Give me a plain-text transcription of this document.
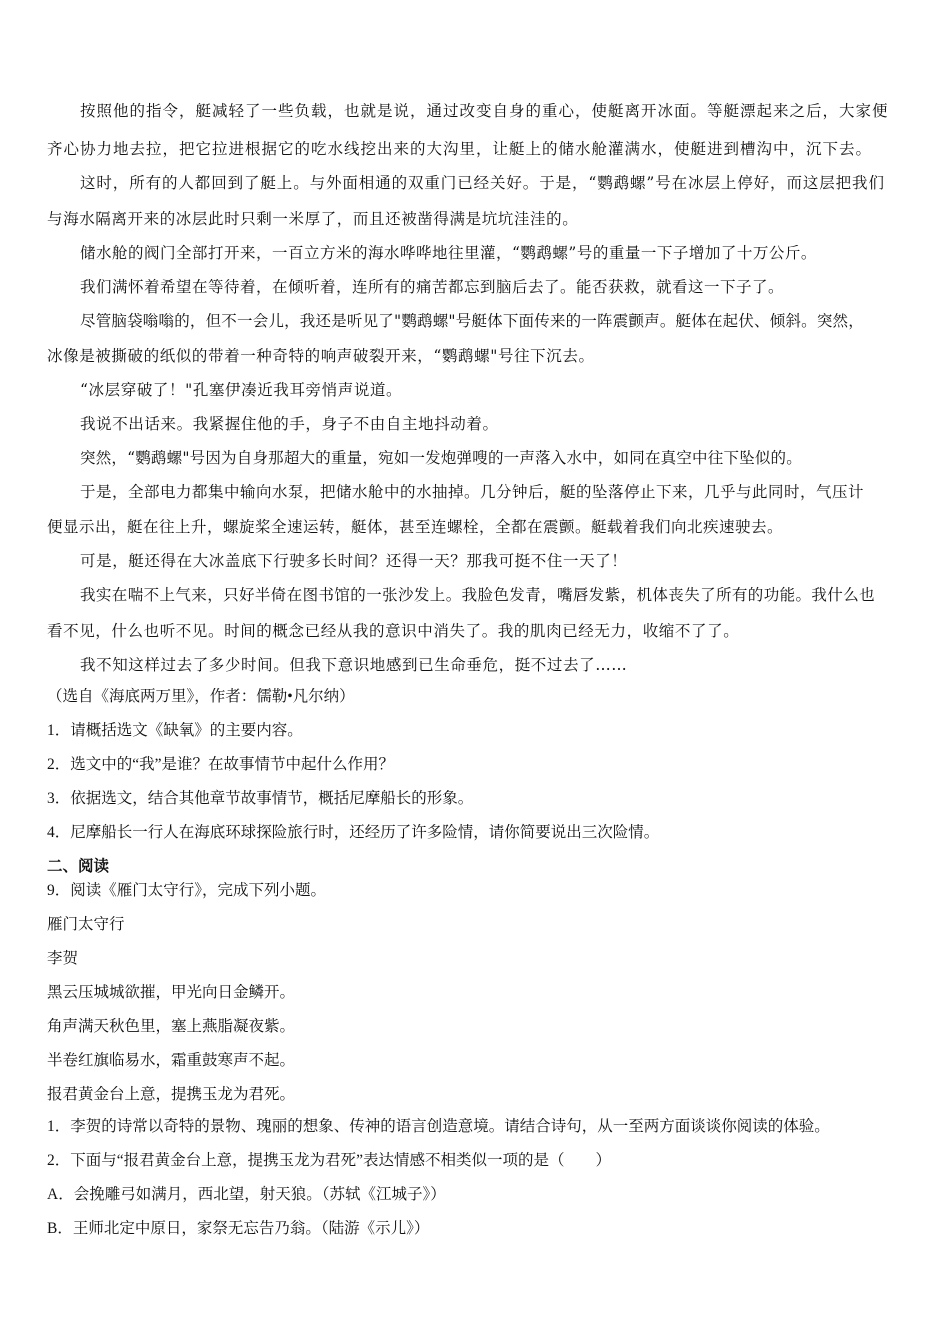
按照他的指令，艇减轻了一些负载，也就是说，通过改变自身的重心，使艇离开冰面。等艇漂起来之后，大家便
齐心协力地去拉，把它拉进根据它的吃水线挖出来的大沟里，让艇上的储水舱灌满水，使艇进到槽沟中，沉下去。
这时，所有的人都回到了艇上。与外面相通的双重门已经关好。于是，“鹦鹉螺”号在冰层上停好，而这层把我们
与海水隔离开来的冰层此时只剩一米厚了，而且还被凿得满是坑坑洼洼的。
储水舱的阀门全部打开来，一百立方米的海水哗哗地往里灌，“鹦鹉螺”号的重量一下子增加了十万公斤。
我们满怀着希望在等待着，在倾听着，连所有的痛苦都忘到脑后去了。能否获救，就看这一下子了。
尽管脑袋嗡嗡的，但不一会儿，我还是听见了"鹦鹉螺"号艇体下面传来的一阵震颤声。艇体在起伏、倾斜。突然，
冰像是被撕破的纸似的带着一种奇特的响声破裂开来，“鹦鹉螺"号往下沉去。
“冰层穿破了！"孔塞伊凑近我耳旁悄声说道。
我说不出话来。我紧握住他的手，身子不由自主地抖动着。
突然，“鹦鹉螺"号因为自身那超大的重量，宛如一发炮弹嗖的一声落入水中，如同在真空中往下坠似的。
于是，全部电力都集中输向水泵，把储水舱中的水抽掉。几分钟后，艇的坠落停止下来，几乎与此同时，气压计
便显示出，艇在往上升，螺旋桨全速运转，艇体，甚至连螺栓，全都在震颤。艇载着我们向北疾速驶去。
可是，艇还得在大冰盖底下行驶多长时间？还得一天？那我可挺不住一天了！
我实在喘不上气来，只好半倚在图书馆的一张沙发上。我脸色发青，嘴唇发紫，机体丧失了所有的功能。我什么也
看不见，什么也听不见。时间的概念已经从我的意识中消失了。我的肌肉已经无力，收缩不了了。
我不知这样过去了多少时间。但我下意识地感到已生命垂危，挺不过去了……
（选自《海底两万里》，作者：儒勒•凡尔纳）
1．请概括选文《缺氧》的主要内容。
2．选文中的“我”是谁？在故事情节中起什么作用？
3．依据选文，结合其他章节故事情节，概括尼摩船长的形象。
4．尼摩船长一行人在海底环球探险旅行时，还经历了许多险情，请你简要说出三次险情。
二、阅读
9．阅读《雁门太守行》，完成下列小题。
雁门太守行
李贺
黑云压城城欲摧，甲光向日金鳞开。
角声满天秋色里，塞上燕脂凝夜紫。
半卷红旗临易水，霜重鼓寒声不起。
报君黄金台上意，提携玉龙为君死。
1．李贺的诗常以奇特的景物、瑰丽的想象、传神的语言创造意境。请结合诗句，从一至两方面谈谈你阅读的体验。
2．下面与“报君黄金台上意，提携玉龙为君死”表达情感不相类似一项的是（　　）
A．会挽雕弓如满月，西北望，射天狼。（苏轼《江城子》）
B．王师北定中原日，家祭无忘告乃翁。（陆游《示儿》）
